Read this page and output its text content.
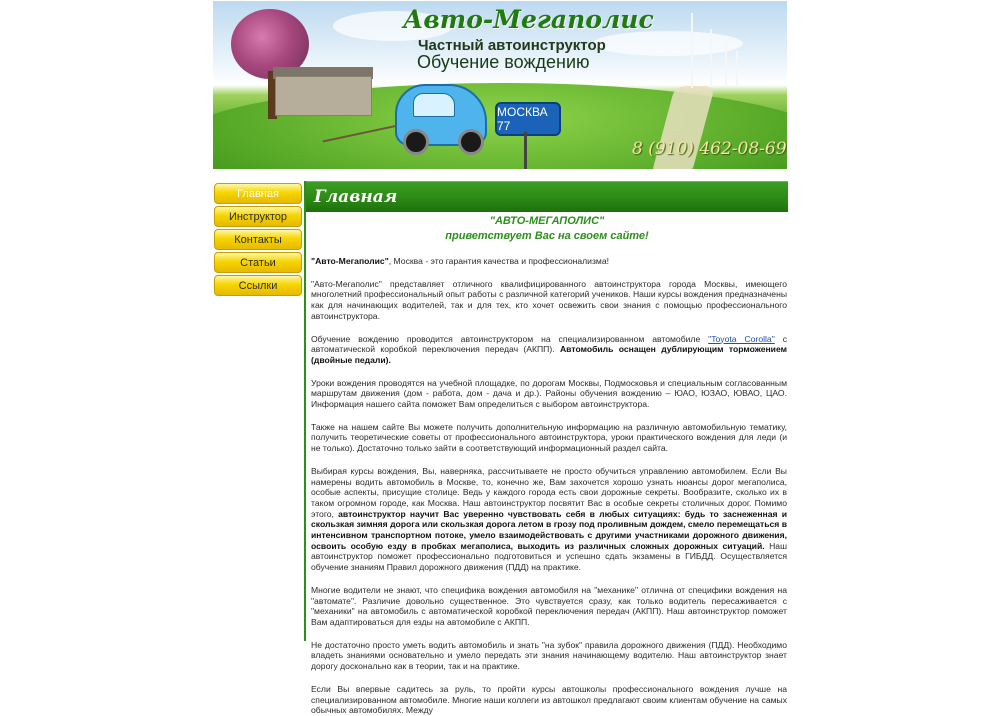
МОСКВА 77
Авто-Мегаполис
Частный автоинструктор
Обучение вождению
8 (910) 462-08-69
Главная
Инструктор
Контакты
Статьи
Ссылки
Главная
"АВТО-МЕГАПОЛИС"
приветствует Вас на своем сайте!

"Авто-Мегаполис", Москва - это гарантия качества и профессионализма!

"Авто-Мегаполис" представляет отличного квалифицированного автоинструктора города Москвы, имеющего многолетний профессиональный опыт работы с различной категорий учеников. Наши курсы вождения предназначены как для начинающих водителей, так и для тех, кто хочет освежить свои знания с помощью профессионального автоинструктора.

Обучение вождению проводится автоинструктором на специализированном автомобиле "Toyota Corolla" с автоматической коробкой переключения передач (АКПП). Автомобиль оснащен дублирующим торможением (двойные педали).

Уроки вождения проводятся на учебной площадке, по дорогам Москвы, Подмосковья и специальным согласованным маршрутам движения (дом - работа, дом - дача и др.). Районы обучения вождению – ЮАО, ЮЗАО, ЮВАО, ЦАО. Информация нашего сайта поможет Вам определиться с выбором автоинструктора.

Также на нашем сайте Вы можете получить дополнительную информацию на различную автомобильную тематику, получить теоретические советы от профессионального автоинструктора, уроки практического вождения для леди (и не только). Достаточно только зайти в соответствующий информационный раздел сайта.

Выбирая курсы вождения, Вы, наверняка, рассчитываете не просто обучиться управлению автомобилем. Если Вы намерены водить автомобиль в Москве, то, конечно же, Вам захочется хорошо узнать нюансы дорог мегаполиса, особые аспекты, присущие столице. Ведь у каждого города есть свои дорожные секреты. Вообразите, сколько их в таком огромном городе, как Москва. Наш автоинструктор посвятит Вас в особые секреты столичных дорог. Помимо этого, автоинструктор научит Вас уверенно чувствовать себя в любых ситуациях: будь то заснеженная и скользкая зимняя дорога или скользкая дорога летом в грозу под проливным дождем, смело перемещаться в интенсивном транспортном потоке, умело взаимодействовать с другими участниками дорожного движения, освоить особую езду в пробках мегаполиса, выходить из различных сложных дорожных ситуаций. Наш автоинструктор поможет профессионально подготовиться и успешно сдать экзамены в ГИБДД. Осуществляется обучение знаниям Правил дорожного движения (ПДД) на практике.

Многие водители не знают, что специфика вождения автомобиля на "механике" отлична от специфики вождения на "автомате". Различие довольно существенное. Это чувствуется сразу, как только водитель пересаживается с "механики" на автомобиль с автоматической коробкой переключения передач (АКПП). Наш автоинструктор поможет Вам адаптироваться для езды на автомобиле с АКПП.

Не достаточно просто уметь водить автомобиль и знать "на зубок" правила дорожного движения (ПДД). Необходимо владеть знаниями основательно и умело передать эти знания начинающему водителю. Наш автоинструктор знает дорогу досконально как в теории, так и на практике.

Если Вы впервые садитесь за руль, то пройти курсы автошколы профессионального вождения лучше на специализированном автомобиле. Многие наши коллеги из автошкол предлагают своим клиентам обучение на самых обычных автомобилях. Между
